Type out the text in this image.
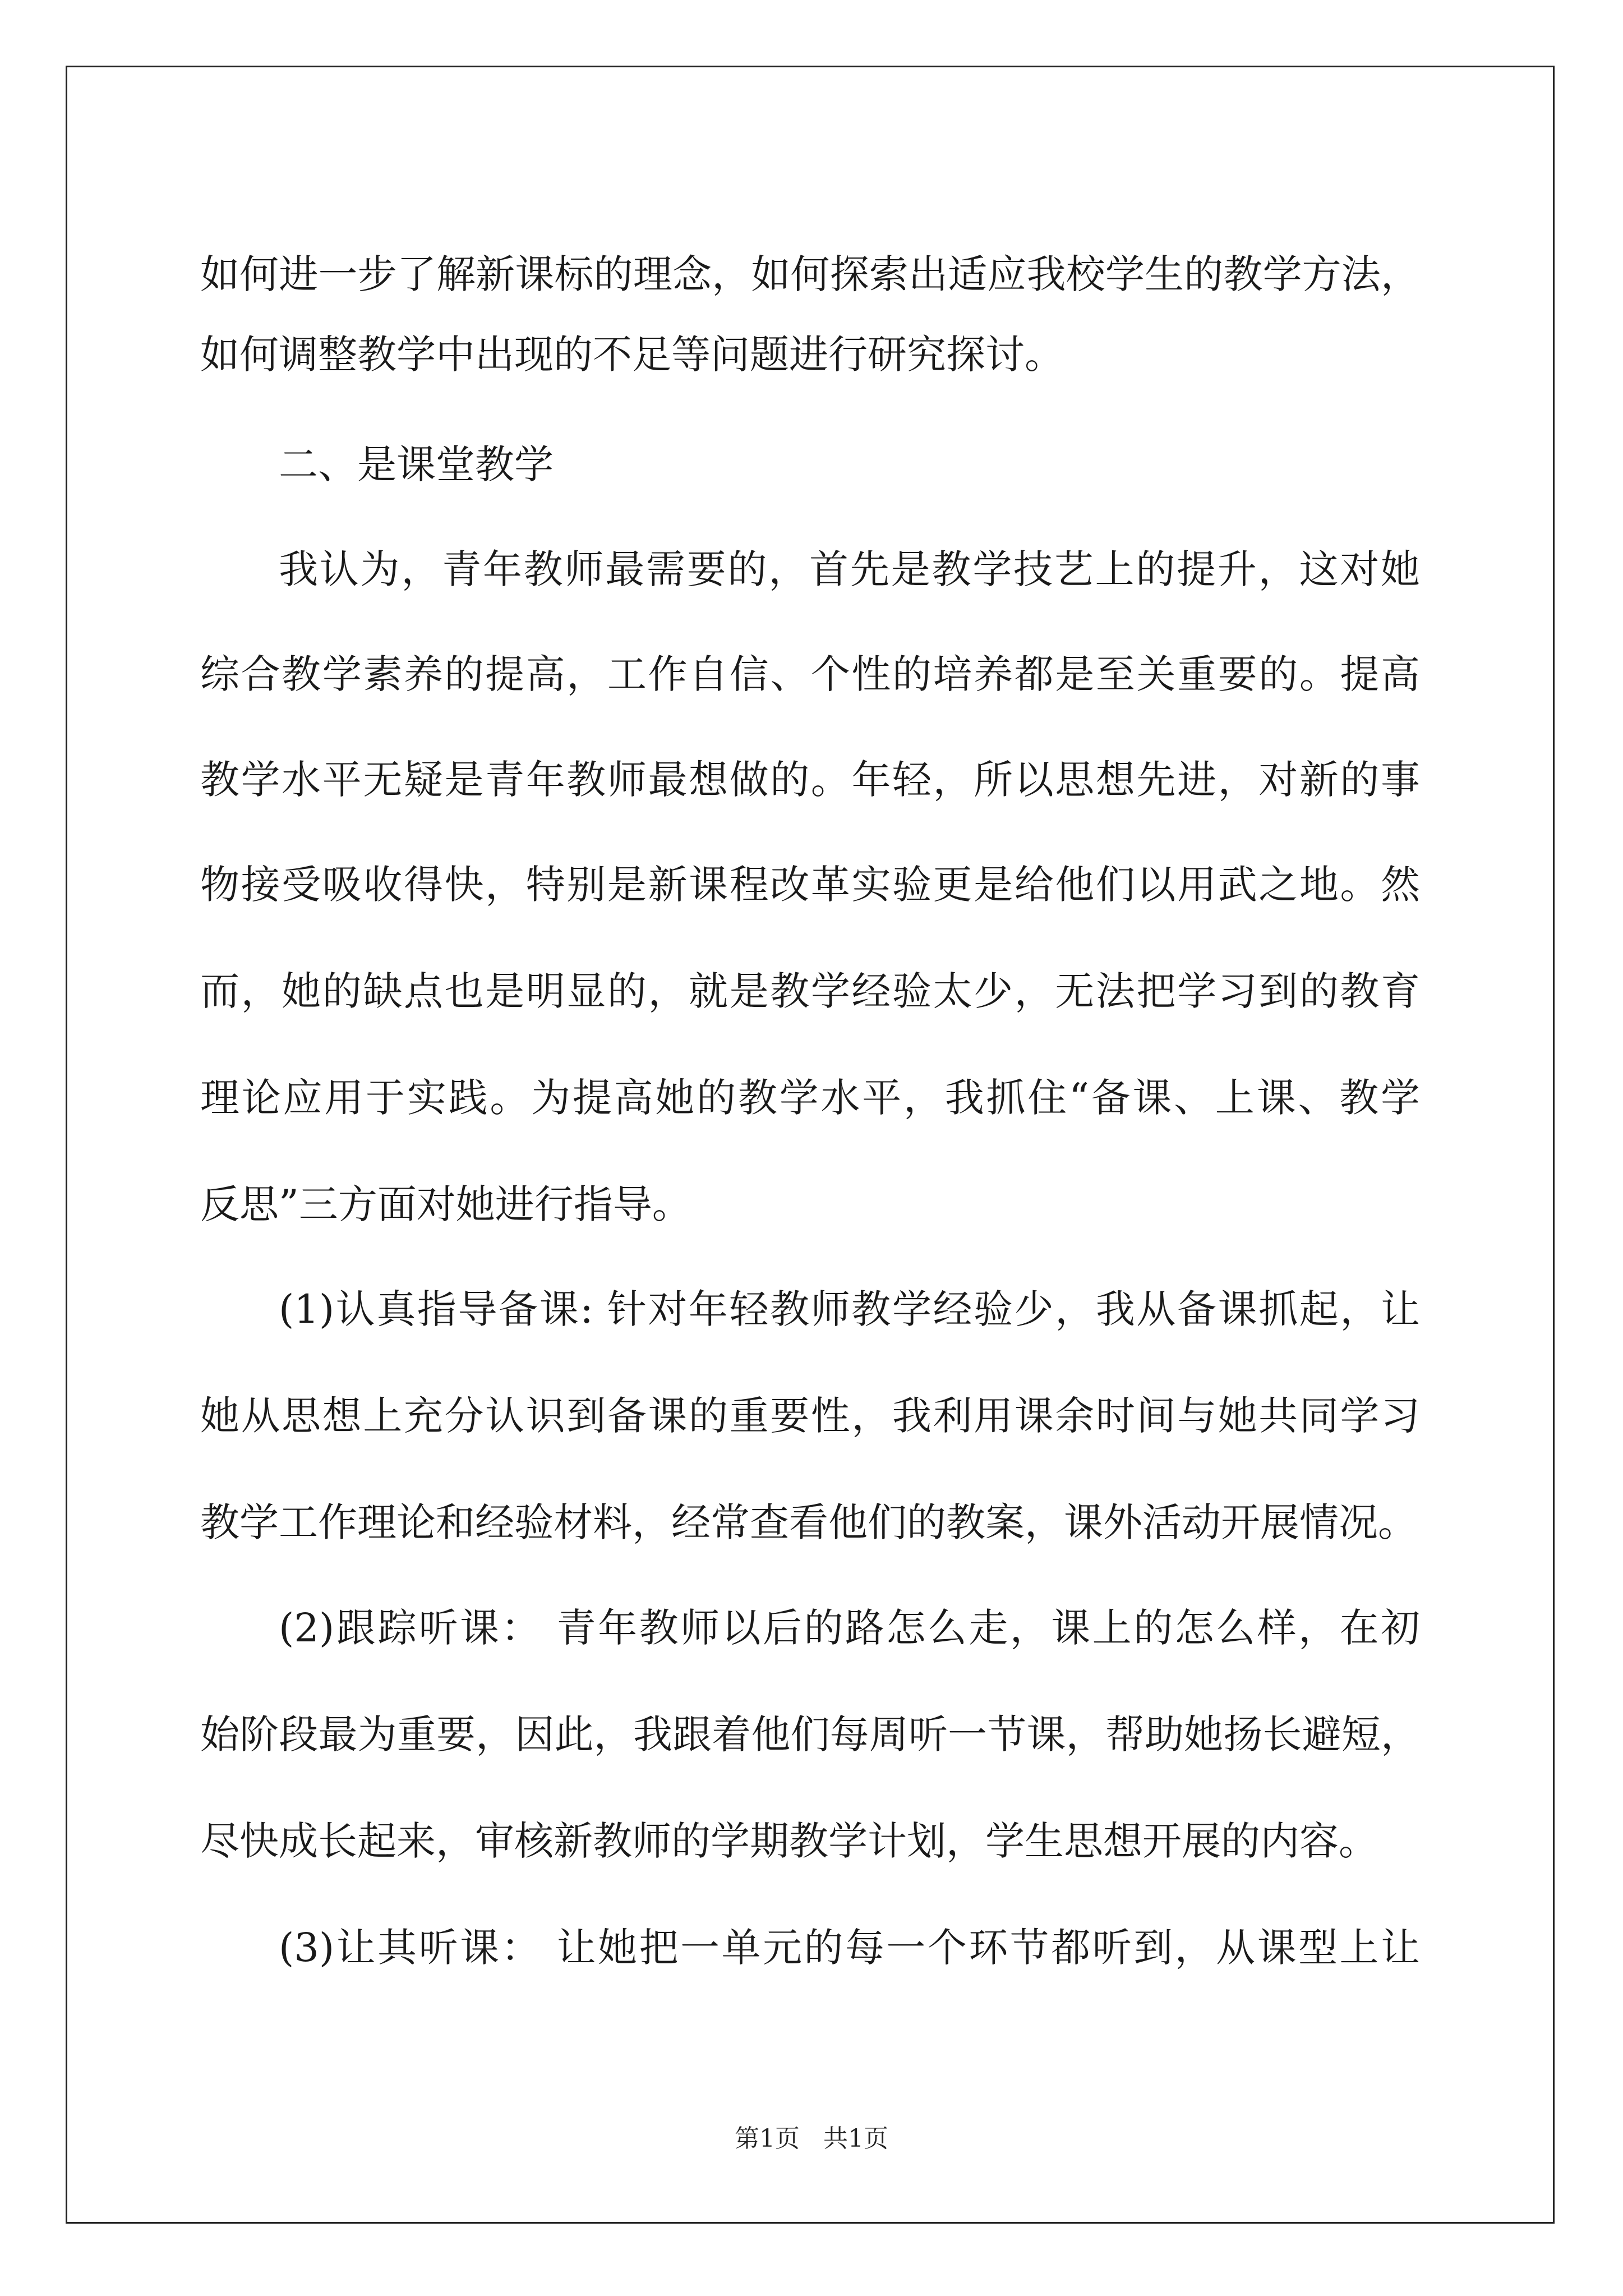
如何进一步了解新课标的理念，如何探索出适应我校学生的教学方法，
如何调整教学中出现的不足等问题进行研究探讨。
二、是课堂教学
我认为，青年教师最需要的，首先是教学技艺上的提升，这对她
综合教学素养的提高，工作自信、个性的培养都是至关重要的。提高
教学水平无疑是青年教师最想做的。年轻，所以思想先进，对新的事
物接受吸收得快，特别是新课程改革实验更是给他们以用武之地。然
而，她的缺点也是明显的，就是教学经验太少，无法把学习到的教育
理论应用于实践。为提高她的教学水平，我抓住“备课、上课、教学
反思”三方面对她进行指导。
(1)认真指导备课: 针对年轻教师教学经验少，我从备课抓起，让
她从思想上充分认识到备课的重要性，我利用课余时间与她共同学习
教学工作理论和经验材料，经常查看他们的教案，课外活动开展情况。
(2)跟踪听课： 青年教师以后的路怎么走，课上的怎么样，在初
始阶段最为重要，因此，我跟着他们每周听一节课，帮助她扬长避短，
尽快成长起来，审核新教师的学期教学计划，学生思想开展的内容。
(3)让其听课： 让她把一单元的每一个环节都听到，从课型上让
第1页   共1页
